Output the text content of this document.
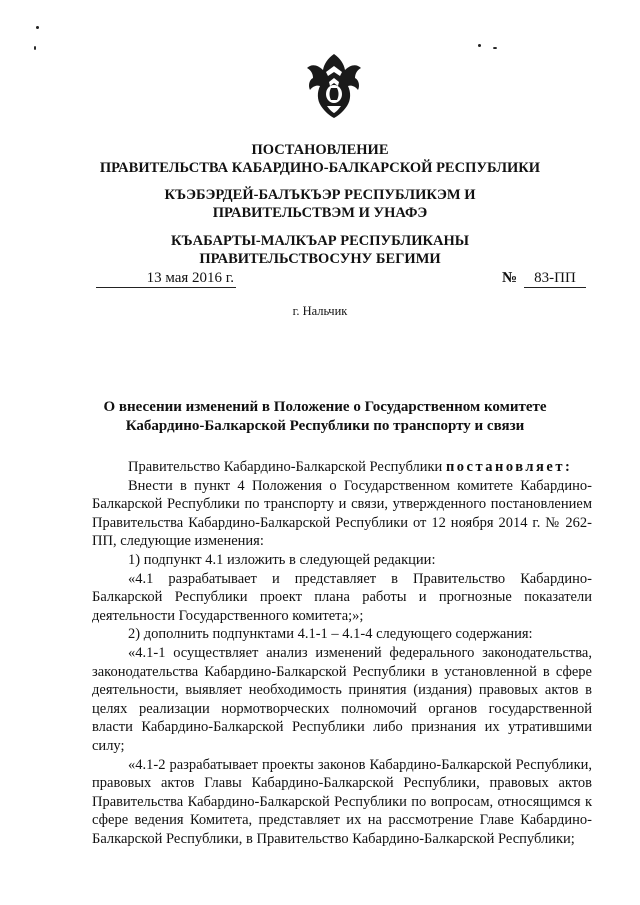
ПОСТАНОВЛЕНИЕ
ПРАВИТЕЛЬСТВА КАБАРДИНО-БАЛКАРСКОЙ РЕСПУБЛИКИ
КЪЭБЭРДЕЙ-БАЛЪКЪЭР РЕСПУБЛИКЭМ И ПРАВИТЕЛЬСТВЭМ И УНАФЭ
КЪАБАРТЫ-МАЛКЪАР РЕСПУБЛИКАНЫ ПРАВИТЕЛЬСТВОСУНУ БЕГИМИ
13 мая 2016 г.	№	83-ПП
г. Нальчик
О внесении изменений в Положение о Государственном комитете Кабардино-Балкарской Республики по транспорту и связи

Правительство Кабардино-Балкарской Республики постановляет:

Внести в пункт 4 Положения о Государственном комитете Кабардино-Балкарской Республики по транспорту и связи, утвержденного постановлением Правительства Кабардино-Балкарской Республики от 12 ноября 2014 г. № 262-ПП, следующие изменения:

1) подпункт 4.1 изложить в следующей редакции:

«4.1 разрабатывает и представляет в Правительство Кабардино-Балкарской Республики проект плана работы и прогнозные показатели деятельности Государственного комитета;»;

2) дополнить подпунктами 4.1-1 – 4.1-4 следующего содержания:

«4.1-1 осуществляет анализ изменений федерального законодательства, законодательства Кабардино-Балкарской Республики в установленной в сфере деятельности, выявляет необходимость принятия (издания) правовых актов в целях реализации нормотворческих полномочий органов государственной власти Кабардино-Балкарской Республики либо признания их утратившими силу;

«4.1-2 разрабатывает проекты законов Кабардино-Балкарской Республики, правовых актов Главы Кабардино-Балкарской Республики, правовых актов Правительства Кабардино-Балкарской Республики по вопросам, относящимся к сфере ведения Комитета, представляет их на рассмотрение Главе Кабардино-Балкарской Республики, в Правительство Кабардино-Балкарской Республики;
